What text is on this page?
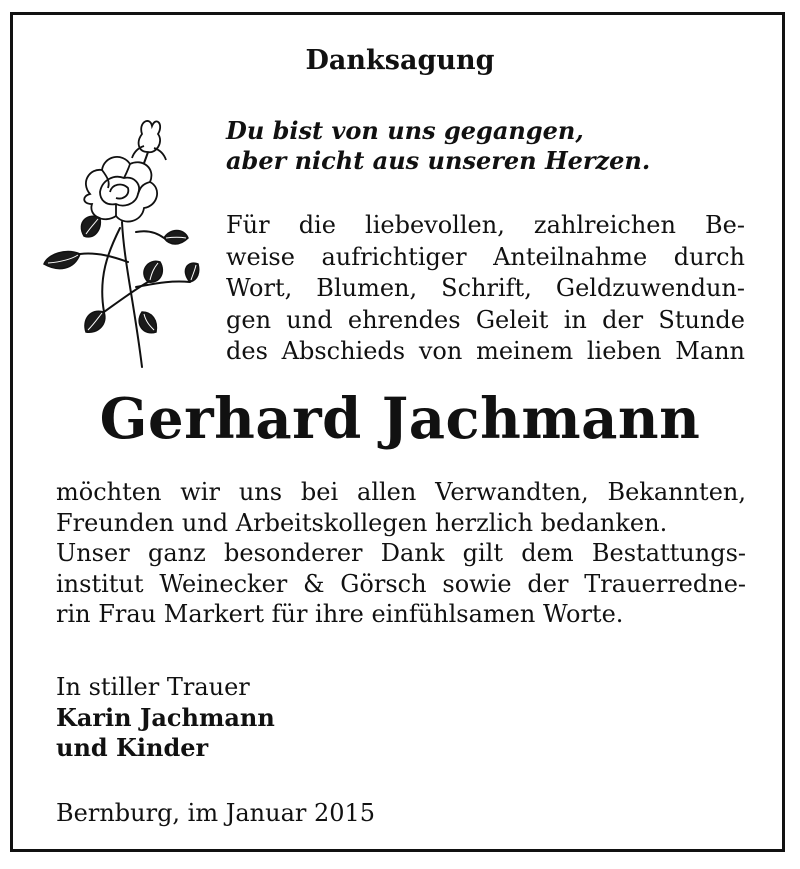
Danksagung
Du bist von uns gegangen,
aber nicht aus unseren Herzen.
Für die liebevollen, zahlreichen Be-
weise aufrichtiger Anteilnahme durch
Wort, Blumen, Schrift, Geldzuwendun-
gen und ehrendes Geleit in der Stunde
des Abschieds von meinem lieben Mann
Gerhard Jachmann
möchten wir uns bei allen Verwandten, Bekannten,
Freunden und Arbeitskollegen herzlich bedanken.
Unser ganz besonderer Dank gilt dem Bestattungs-
institut Weinecker & Görsch sowie der Trauerredne-
rin Frau Markert für ihre einfühlsamen Worte.
In stiller Trauer
Karin Jachmann
und Kinder
Bernburg, im Januar 2015
